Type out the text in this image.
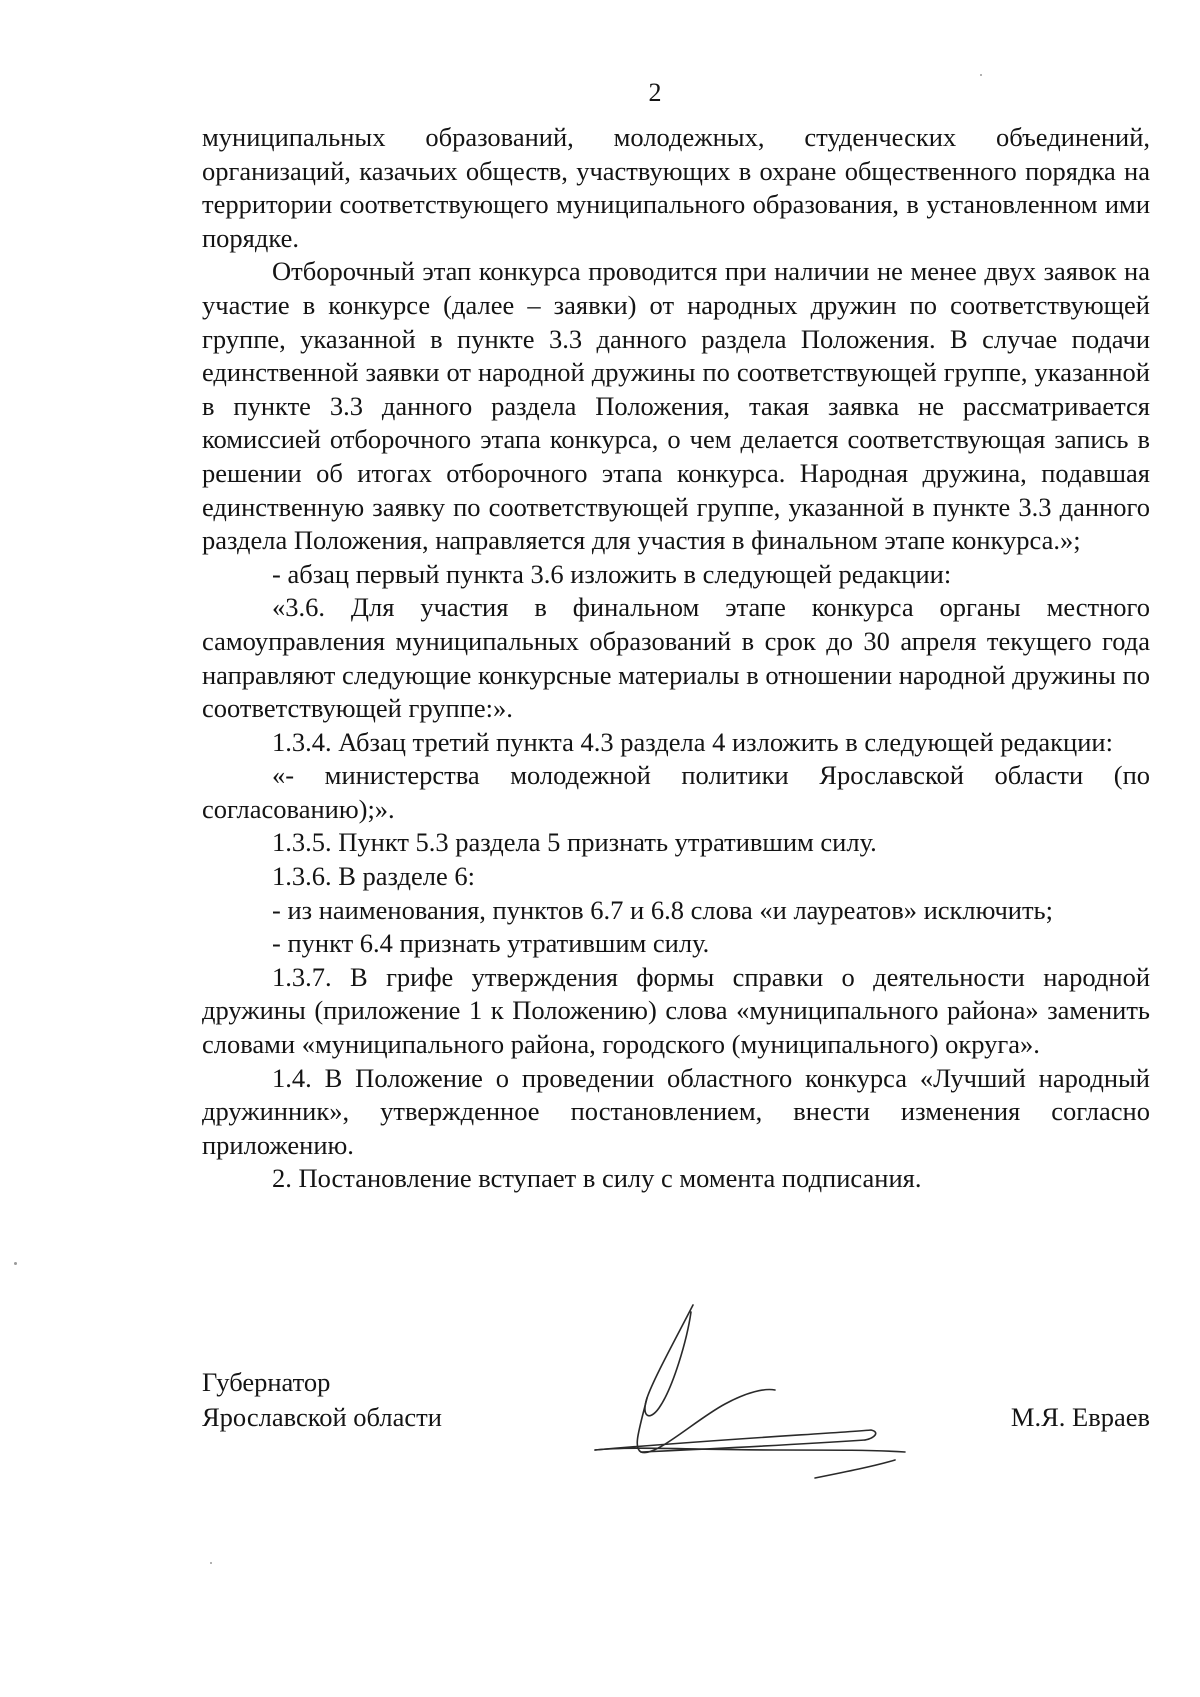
2

муниципальных образований, молодежных, студенческих объединений, организаций, казачьих обществ, участвующих в охране общественного порядка на территории соответствующего муниципального образования, в установленном ими порядке.

Отборочный этап конкурса проводится при наличии не менее двух заявок на участие в конкурсе (далее – заявки) от народных дружин по соответствующей группе, указанной в пункте 3.3 данного раздела Положения. В случае подачи единственной заявки от народной дружины по соответствующей группе, указанной в пункте 3.3 данного раздела Положения, такая заявка не рассматривается комиссией отборочного этапа конкурса, о чем делается соответствующая запись в решении об итогах отборочного этапа конкурса. Народная дружина, подавшая единственную заявку по соответствующей группе, указанной в пункте 3.3 данного раздела Положения, направляется для участия в финальном этапе конкурса.»;

- абзац первый пункта 3.6 изложить в следующей редакции:

«3.6. Для участия в финальном этапе конкурса органы местного самоуправления муниципальных образований в срок до 30 апреля текущего года направляют следующие конкурсные материалы в отношении народной дружины по соответствующей группе:».

1.3.4. Абзац третий пункта 4.3 раздела 4 изложить в следующей редакции:

«- министерства молодежной политики Ярославской области (по согласованию);».

1.3.5. Пункт 5.3 раздела 5 признать утратившим силу.

1.3.6. В разделе 6:

- из наименования, пунктов 6.7 и 6.8 слова «и лауреатов» исключить;

- пункт 6.4 признать утратившим силу.

1.3.7. В грифе утверждения формы справки о деятельности народной дружины (приложение 1 к Положению) слова «муниципального района» заменить словами «муниципального района, городского (муниципального) округа».

1.4. В Положение о проведении областного конкурса «Лучший народный дружинник», утвержденное постановлением, внести изменения согласно приложению.

2. Постановление вступает в силу с момента подписания.

Губернатор
Ярославской области	М.Я. Евраев
